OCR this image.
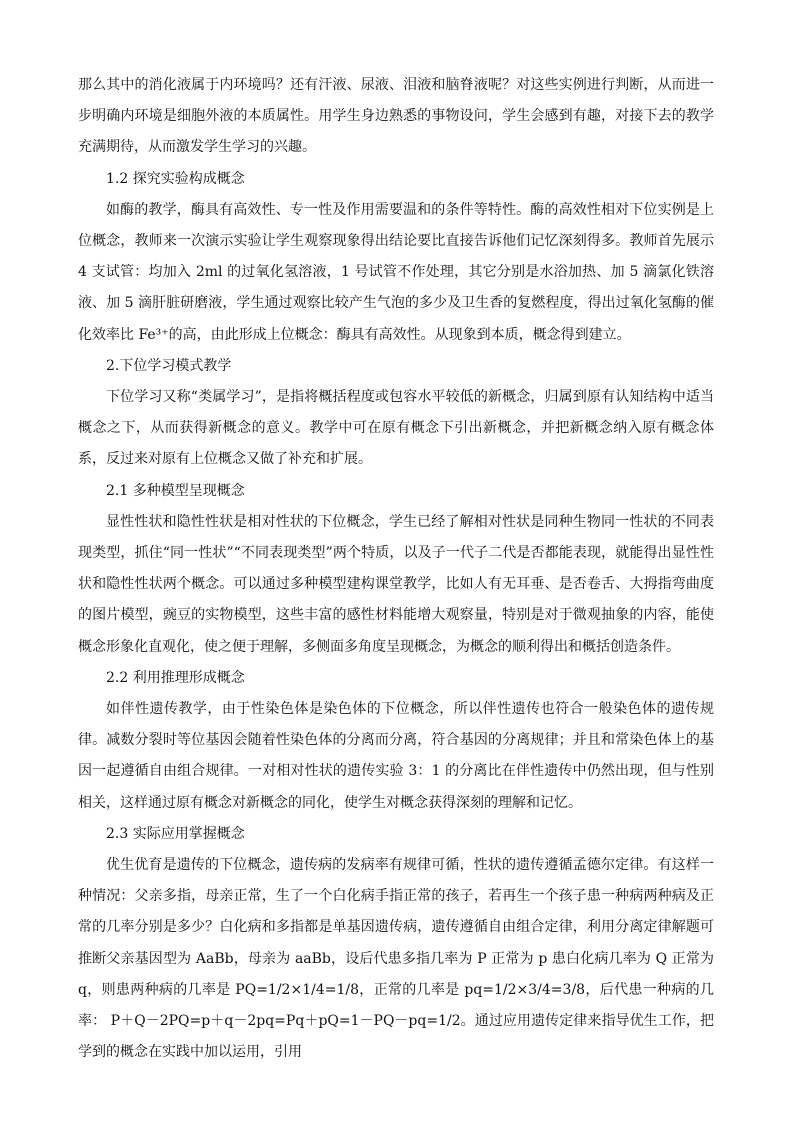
那么其中的消化液属于内环境吗？还有汗液、尿液、泪液和脑脊液呢？对这些实例进行判断，从而进一步明确内环境是细胞外液的本质属性。用学生身边熟悉的事物设问，学生会感到有趣，对接下去的教学充满期待，从而激发学生学习的兴趣。

1.2 探究实验构成概念

如酶的教学，酶具有高效性、专一性及作用需要温和的条件等特性。酶的高效性相对下位实例是上位概念，教师来一次演示实验让学生观察现象得出结论要比直接告诉他们记忆深刻得多。教师首先展示 4 支试管：均加入 2ml 的过氧化氢溶液，1 号试管不作处理，其它分别是水浴加热、加 5 滴氯化铁溶液、加 5 滴肝脏研磨液，学生通过观察比较产生气泡的多少及卫生香的复燃程度，得出过氧化氢酶的催化效率比 Fe³⁺的高，由此形成上位概念：酶具有高效性。从现象到本质，概念得到建立。

2.下位学习模式教学

下位学习又称“类属学习”，是指将概括程度或包容水平较低的新概念，归属到原有认知结构中适当概念之下，从而获得新概念的意义。教学中可在原有概念下引出新概念，并把新概念纳入原有概念体系，反过来对原有上位概念又做了补充和扩展。

2.1 多种模型呈现概念

显性性状和隐性性状是相对性状的下位概念，学生已经了解相对性状是同种生物同一性状的不同表现类型，抓住“同一性状”“不同表现类型”两个特质，以及子一代子二代是否都能表现，就能得出显性性状和隐性性状两个概念。可以通过多种模型建构课堂教学，比如人有无耳垂、是否卷舌、大拇指弯曲度的图片模型，豌豆的实物模型，这些丰富的感性材料能增大观察量，特别是对于微观抽象的内容，能使概念形象化直观化，使之便于理解，多侧面多角度呈现概念，为概念的顺利得出和概括创造条件。

2.2 利用推理形成概念

如伴性遗传教学，由于性染色体是染色体的下位概念，所以伴性遗传也符合一般染色体的遗传规律。减数分裂时等位基因会随着性染色体的分离而分离，符合基因的分离规律；并且和常染色体上的基因一起遵循自由组合规律。一对相对性状的遗传实验 3：1 的分离比在伴性遗传中仍然出现，但与性别相关，这样通过原有概念对新概念的同化，使学生对概念获得深刻的理解和记忆。

2.3 实际应用掌握概念

优生优育是遗传的下位概念，遗传病的发病率有规律可循，性状的遗传遵循孟德尔定律。有这样一种情况：父亲多指，母亲正常，生了一个白化病手指正常的孩子，若再生一个孩子患一种病两种病及正常的几率分别是多少？白化病和多指都是单基因遗传病，遗传遵循自由组合定律，利用分离定律解题可推断父亲基因型为 AaBb，母亲为 aaBb，设后代患多指几率为 P 正常为 p 患白化病几率为 Q 正常为 q，则患两种病的几率是 PQ=1/2×1/4=1/8，正常的几率是 pq=1/2×3/4=3/8，后代患一种病的几率： P＋Q－2PQ=p＋q－2pq=Pq＋pQ=1－PQ－pq=1/2。通过应用遗传定律来指导优生工作，把学到的概念在实践中加以运用，引用
